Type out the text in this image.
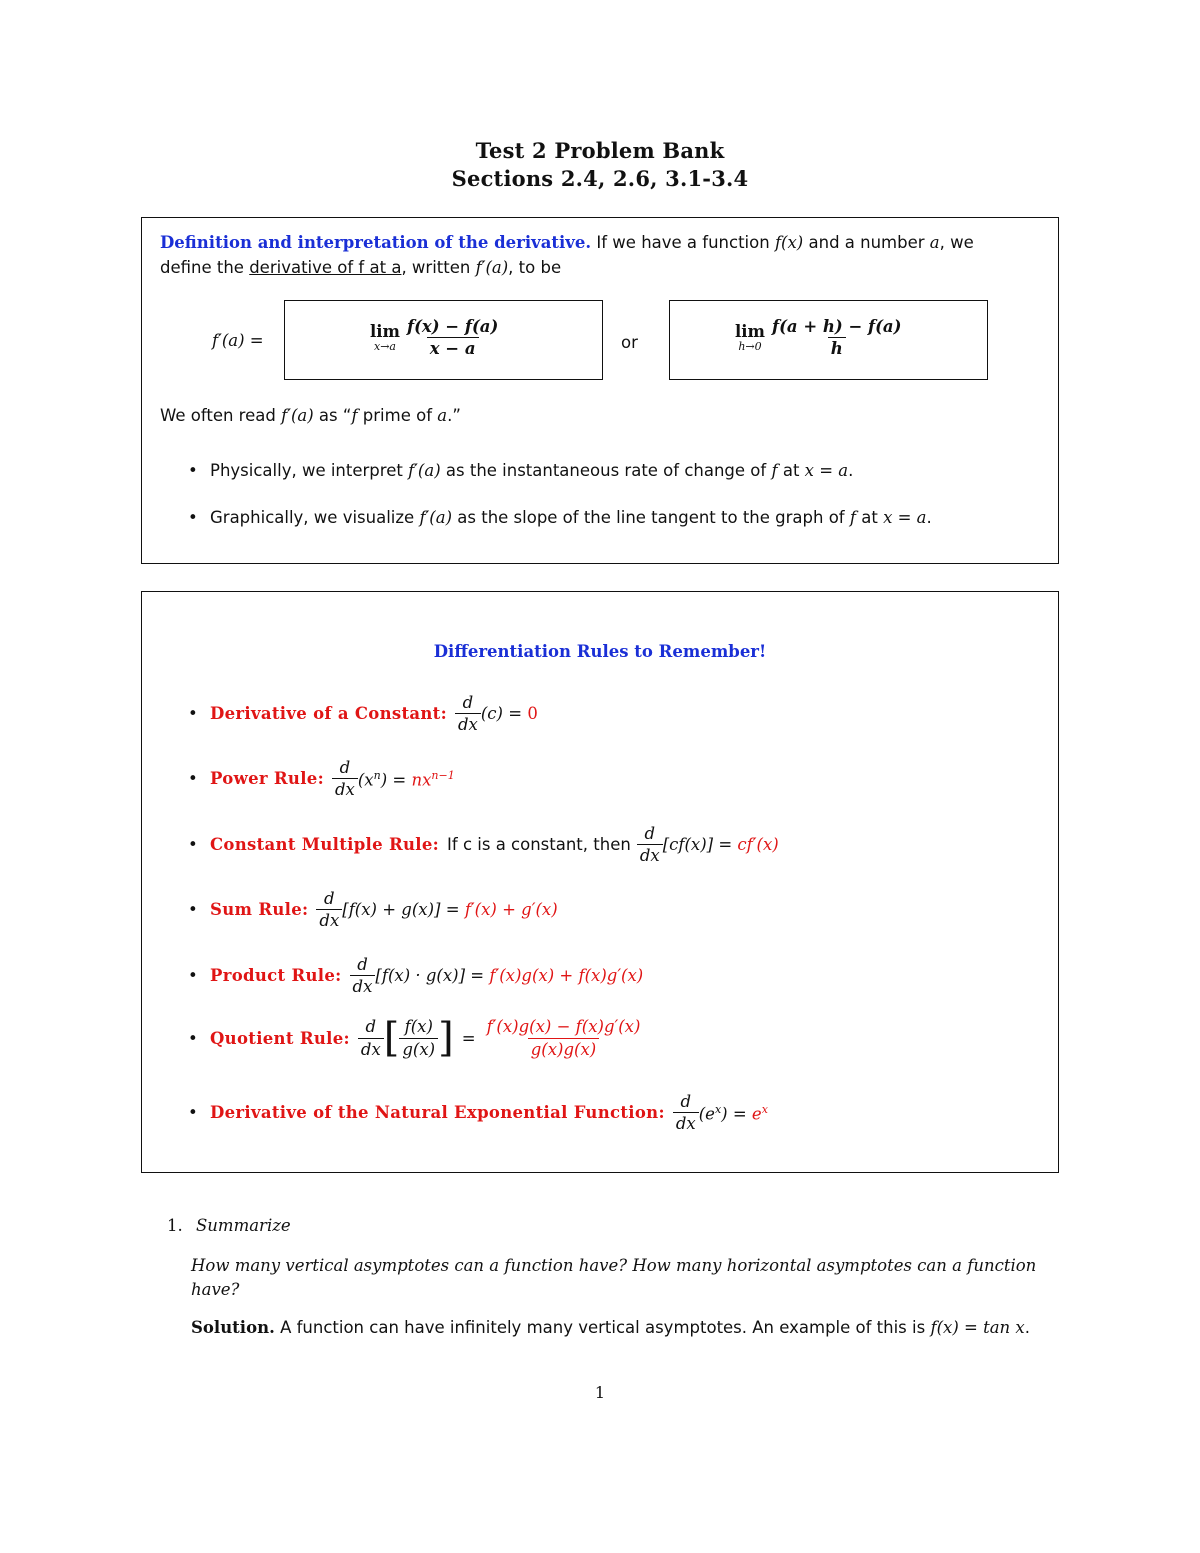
Test 2 Problem Bank
Sections 2.4, 2.6, 3.1-3.4
Definition and interpretation of the derivative. If we have a function f(x) and a number a, we
define the derivative of f at a, written f′(a), to be
f′(a) =	lim
$x\to a \frac{f(x) - f(a)}{x - a}$	or
lim
$h\to 0 \frac{f(a + h) - f(a)}{h}$
We often read f′(a) as “f prime of a.”
• Physically, we interpret f′(a) as the instantaneous rate of change of f at x = a.
• Graphically, we visualize f′(a) as the slope of the line tangent to the graph of f at x = a.
Differentiation Rules to Remember!
• Derivative of a Constant: $\frac{d}{dx} (c)$ =
0
• Power Rule: $\frac{d}{dx} (x^n)$ =
$nx^{n-1}$
• Constant Multiple Rule: If c is a constant, then $\frac{d}{dx} [cf(x)]$ =
cf′(x)
• Sum Rule: $\frac{d}{dx} [f(x) + g(x)]$ =
f′(x) + g′(x)
• Product Rule: $\frac{d}{dx} [f(x) \cdot g(x)]$ =
f′(x)g(x) + f(x)g′(x)
• Quotient Rule: $\frac{d}{dx}$ [ $\frac{f(x)}{g(x)}$ ] = $\frac{f'(x)g(x) - f(x)g'(x)}{g(x)g(x)}$
• Derivative of the Natural Exponential Function: $\frac{d}{dx} (e^x)$ =
$e^x$
1. Summarize
How many vertical asymptotes can a function have? How many horizontal asymptotes can a function
have?
Solution. A function can have infinitely many vertical asymptotes. An example of this is f(x) = tan x.
1
